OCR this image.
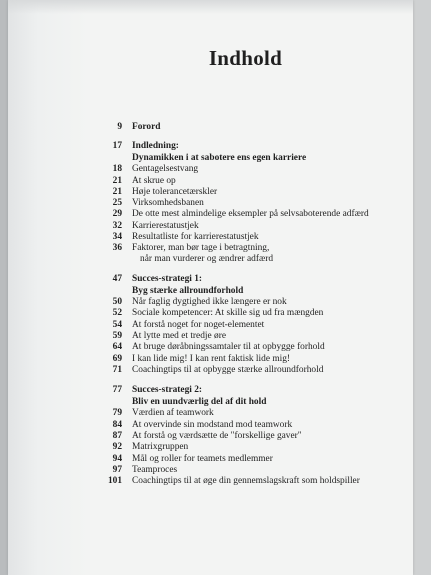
Indhold
9 Forord
17 Indledning:
Dynamikken i at sabotere ens egen karriere
18 Gentagelsestvang
21 At skrue op
21 Høje tolerancetærskler
25 Virksomhedsbanen
29 De otte mest almindelige eksempler på selvsaboterende adfærd
32 Karrierestatustjek
34 Resultatliste for karrierestatustjek
36 Faktorer, man bør tage i betragtning,
når man vurderer og ændrer adfærd
47 Succes-strategi 1:
Byg stærke allroundforhold
50 Når faglig dygtighed ikke længere er nok
52 Sociale kompetencer: At skille sig ud fra mængden
54 At forstå noget for noget-elementet
59 At lytte med et tredje øre
64 At bruge døråbningssamtaler til at opbygge forhold
69 I kan lide mig! I kan rent faktisk lide mig!
71 Coachingtips til at opbygge stærke allroundforhold
77 Succes-strategi 2:
Bliv en uundværlig del af dit hold
79 Værdien af teamwork
84 At overvinde sin modstand mod teamwork
87 At forstå og værdsætte de "forskellige gaver"
92 Matrixgruppen
94 Mål og roller for teamets medlemmer
97 Teamproces
101 Coachingtips til at øge din gennemslagskraft som holdspiller
